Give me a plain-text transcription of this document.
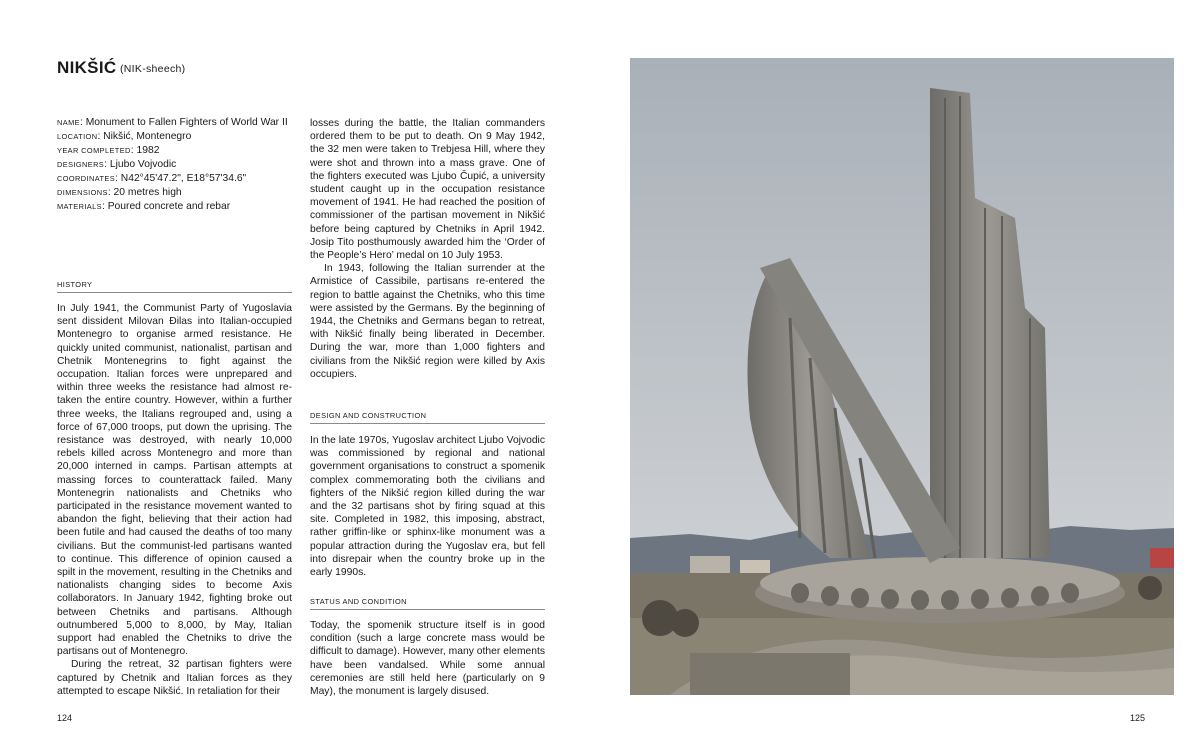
NIKŠIĆ (NIK-sheech)
NAME: Monument to Fallen Fighters of World War II
LOCATION: Nikšić, Montenegro
YEAR COMPLETED: 1982
DESIGNERS: Ljubo Vojvodic
COORDINATES: N42°45'47.2", E18°57'34.6"
DIMENSIONS: 20 metres high
MATERIALS: Poured concrete and rebar
HISTORY

In July 1941, the Communist Party of Yugoslavia sent dissident Milovan Đilas into Italian-occupied Montenegro to organise armed resistance. He quickly united communist, nationalist, partisan and Chetnik Montenegrins to fight against the occupation. Italian forces were unprepared and within three weeks the resistance had almost re-taken the entire country. However, within a further three weeks, the Italians regrouped and, using a force of 67,000 troops, put down the uprising. The resistance was destroyed, with nearly 10,000 rebels killed across Montenegro and more than 20,000 interned in camps. Partisan attempts at massing forces to counterattack failed. Many Montenegrin nationalists and Chetniks who participated in the resistance movement wanted to abandon the fight, believing that their action had been futile and had caused the deaths of too many civilians. But the communist-led partisans wanted to continue. This difference of opinion caused a spilt in the movement, resulting in the Chetniks and nationalists changing sides to become Axis collaborators. In January 1942, fighting broke out between Chetniks and partisans. Although outnumbered 5,000 to 8,000, by May, Italian support had enabled the Chetniks to drive the partisans out of Montenegro.

During the retreat, 32 partisan fighters were captured by Chetnik and Italian forces as they attempted to escape Nikšić. In retaliation for their

losses during the battle, the Italian commanders ordered them to be put to death. On 9 May 1942, the 32 men were taken to Trebjesa Hill, where they were shot and thrown into a mass grave. One of the fighters executed was Ljubo Čupić, a university student caught up in the occupation resistance movement of 1941. He had reached the position of commissioner of the partisan movement in Nikšić before being captured by Chetniks in April 1942. Josip Tito posthumously awarded him the ‘Order of the People’s Hero’ medal on 10 July 1953.

In 1943, following the Italian surrender at the Armistice of Cassibile, partisans re-entered the region to battle against the Chetniks, who this time were assisted by the Germans. By the beginning of 1944, the Chetniks and Germans began to retreat, with Nikšić finally being liberated in December. During the war, more than 1,000 fighters and civilians from the Nikšić region were killed by Axis occupiers.

DESIGN AND CONSTRUCTION

In the late 1970s, Yugoslav architect Ljubo Vojvodic was commissioned by regional and national government organisations to construct a spomenik complex commemorating both the civilians and fighters of the Nikšić region killed during the war and the 32 partisans shot by firing squad at this site. Completed in 1982, this imposing, abstract, rather griffin-like or sphinx-like monument was a popular attraction during the Yugoslav era, but fell into disrepair when the country broke up in the early 1990s.

STATUS AND CONDITION

Today, the spomenik structure itself is in good condition (such a large concrete mass would be difficult to damage). However, many other elements have been vandalsed. While some annual ceremonies are still held here (particularly on 9 May), the monument is largely disused.

124	125
